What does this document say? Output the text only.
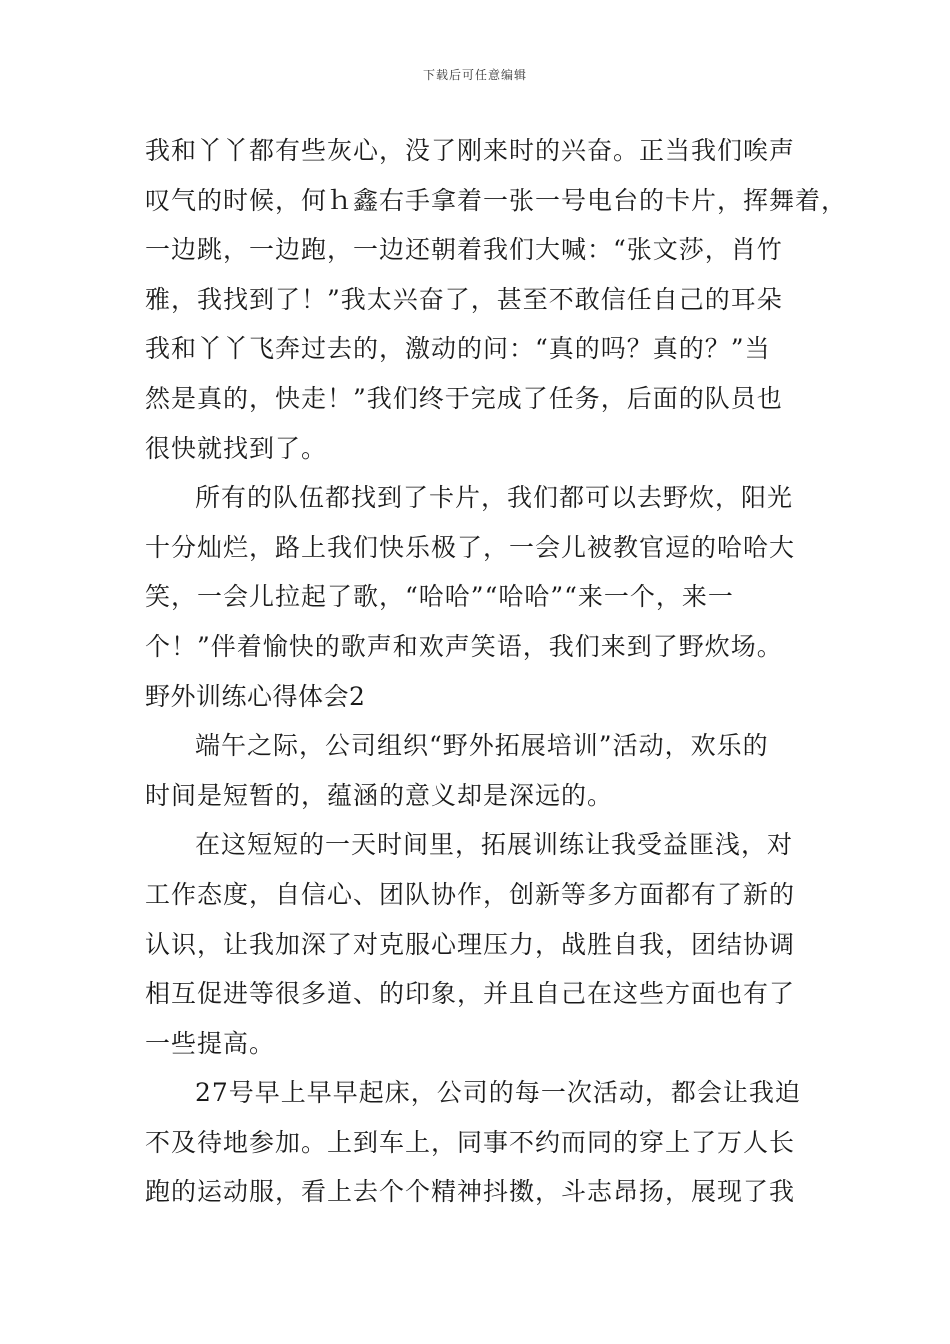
下载后可任意编辑
我和丫丫都有些灰心，没了刚来时的兴奋。正当我们唉声
叹气的时候，何ｈ鑫右手拿着一张一号电台的卡片，挥舞着，
一边跳，一边跑，一边还朝着我们大喊：“张文莎，肖竹
雅，我找到了！”我太兴奋了，甚至不敢信任自己的耳朵
我和丫丫飞奔过去的，激动的问：“真的吗？真的？”当
然是真的，快走！”我们终于完成了任务，后面的队员也
很快就找到了。
所有的队伍都找到了卡片，我们都可以去野炊，阳光
十分灿烂，路上我们快乐极了，一会儿被教官逗的哈哈大
笑，一会儿拉起了歌，“哈哈”“哈哈”“来一个，来一
个！”伴着愉快的歌声和欢声笑语，我们来到了野炊场。
野外训练心得体会2
端午之际，公司组织“野外拓展培训”活动，欢乐的
时间是短暂的，蕴涵的意义却是深远的。
在这短短的一天时间里，拓展训练让我受益匪浅，对
工作态度，自信心、团队协作，创新等多方面都有了新的
认识，让我加深了对克服心理压力，战胜自我，团结协调
相互促进等很多道、的印象，并且自己在这些方面也有了
一些提高。
27号早上早早起床，公司的每一次活动，都会让我迫
不及待地参加。上到车上，同事不约而同的穿上了万人长
跑的运动服，看上去个个精神抖擞，斗志昂扬，展现了我
